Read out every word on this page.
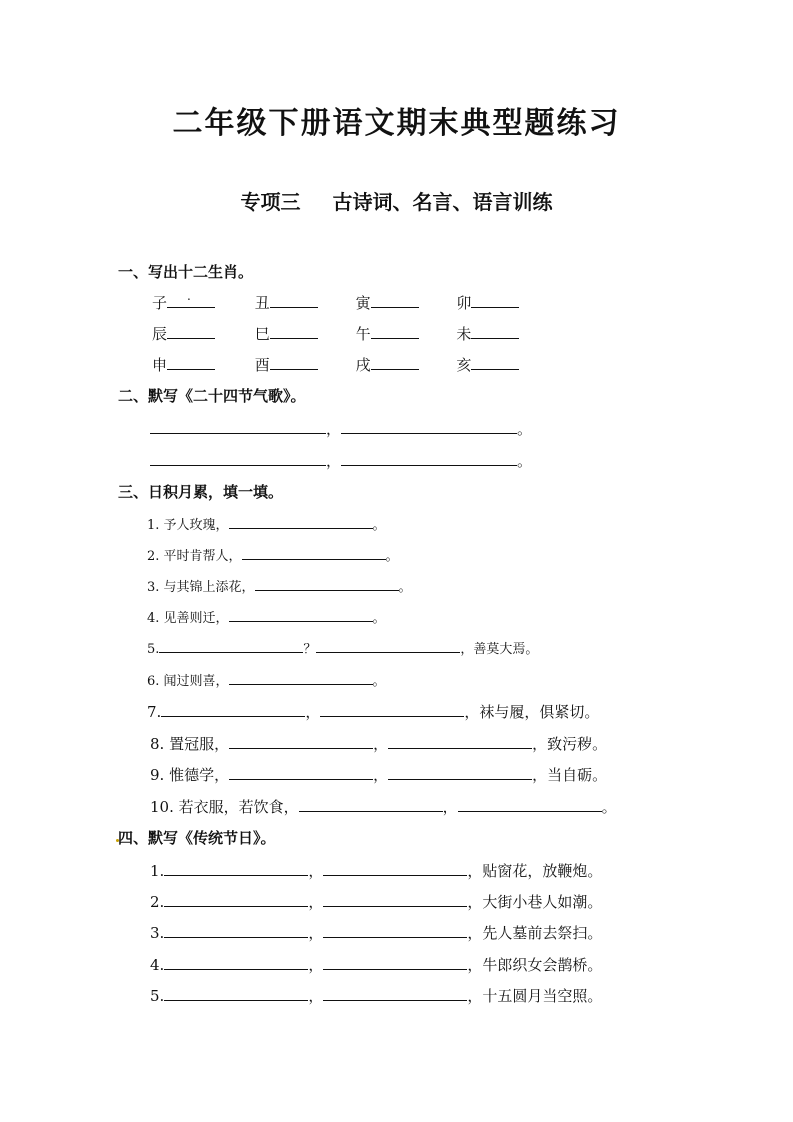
二年级下册语文期末典型题练习
专项三 古诗词、名言、语言训练
一、写出十二生肖。
子 .	丑	寅	卯
辰	巳	午	未
申	酉	戌	亥
二、默写《二十四节气歌》。
，	。
，	。
三、日积月累，填一填。
1. 予人玫瑰，	。
2. 平时肯帮人，	。
3. 与其锦上添花，	。
4. 见善则迁，	。
5.	？	，善莫大焉。
6. 闻过则喜，	。
7.	，	，袜与履，俱紧切。
8. 置冠服，	，	，致污秽。
9. 惟德学，	，	，当自砺。
10. 若衣服，若饮食，	，	。
四、默写《传统节日》。
1.	，	，贴窗花，放鞭炮。
2.	，	，大街小巷人如潮。
3.	，	，先人墓前去祭扫。
4.	，	，牛郎织女会鹊桥。
5.	，	，十五圆月当空照。
